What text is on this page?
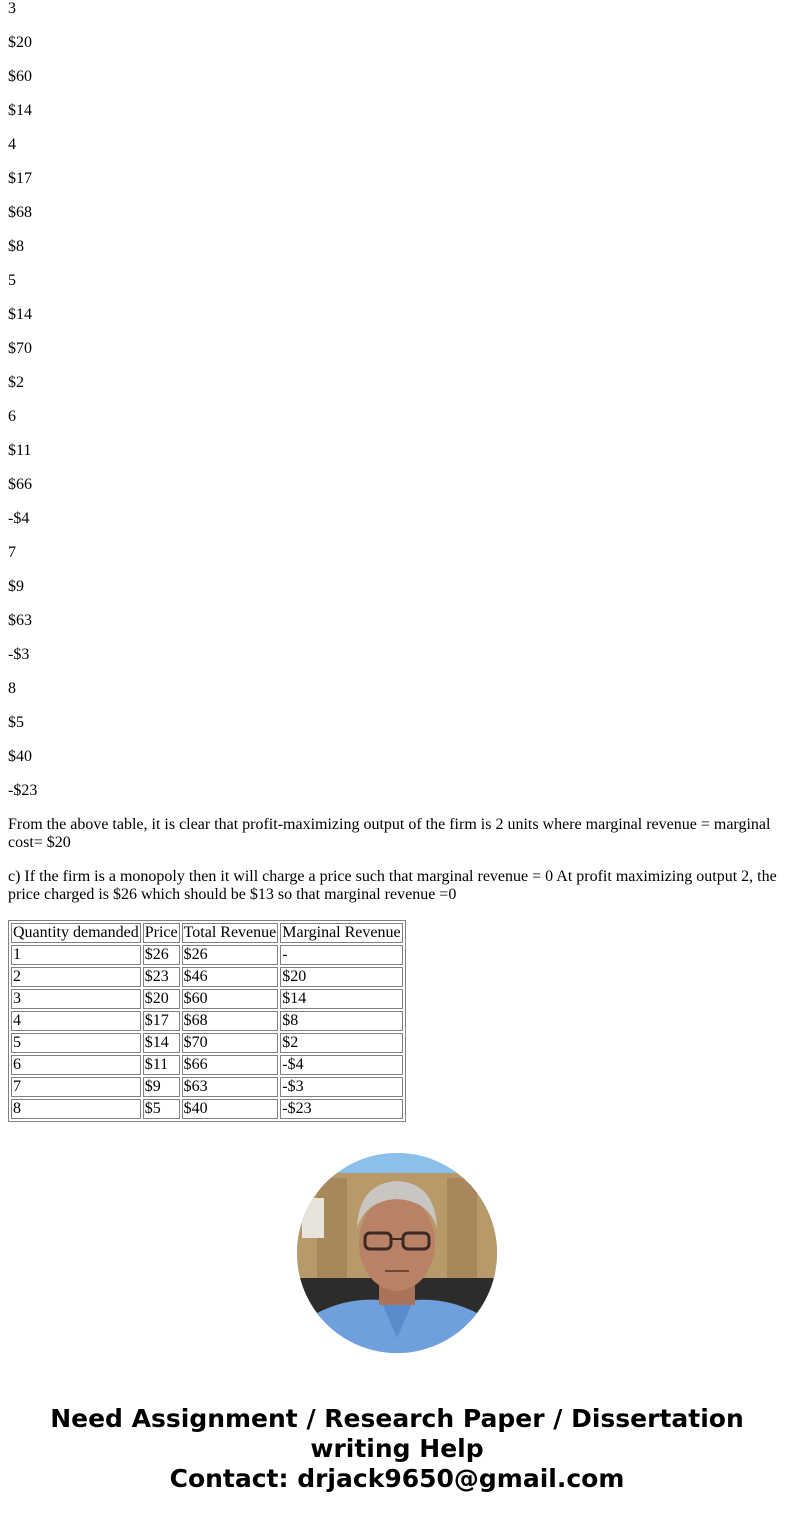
3

$20

$60

$14

4

$17

$68

$8

5

$14

$70

$2

6

$11

$66

-$4

7

$9

$63

-$3

8

$5

$40

-$23

From the above table, it is clear that profit-maximizing output of the firm is 2 units where marginal revenue = marginal cost= $20

c) If the firm is a monopoly then it will charge a price such that marginal revenue = 0 At profit maximizing output 2, the price charged is $26 which should be $13 so that marginal revenue =0

Quantity demanded	Price	Total Revenue	Marginal Revenue
1	$26	$26	-
2	$23	$46	$20
3	$20	$60	$14
4	$17	$68	$8
5	$14	$70	$2
6	$11	$66	-$4
7	$9	$63	-$3
8	$5	$40	-$23
Need Assignment / Research Paper / Dissertation
writing Help
Contact: drjack9650@gmail.com
